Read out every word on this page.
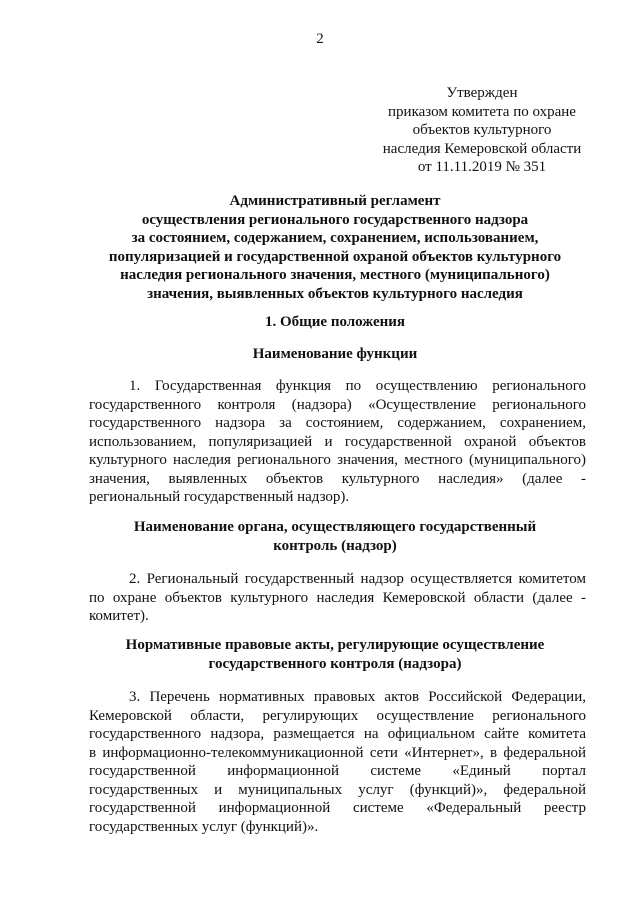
2
Утвержден
приказом комитета по охране
объектов культурного
наследия Кемеровской области
от 11.11.2019 № 351
Административный регламент
осуществления регионального государственного надзора
за состоянием, содержанием, сохранением, использованием,
популяризацией и государственной охраной объектов культурного
наследия регионального значения, местного (муниципального)
значения, выявленных объектов культурного наследия
1. Общие положения
Наименование функции
1. Государственная функция по осуществлению регионального
государственного контроля (надзора) «Осуществление регионального
государственного надзора за состоянием, содержанием, сохранением,
использованием, популяризацией и государственной охраной объектов
культурного наследия регионального значения, местного (муниципального)
значения, выявленных объектов культурного наследия» (далее -
региональный государственный надзор).
Наименование органа, осуществляющего государственный
контроль (надзор)
2. Региональный государственный надзор осуществляется комитетом
по охране объектов культурного наследия Кемеровской области (далее -
комитет).
Нормативные правовые акты, регулирующие осуществление
государственного контроля (надзора)
3. Перечень нормативных правовых актов Российской Федерации,
Кемеровской области, регулирующих осуществление регионального
государственного надзора, размещается на официальном сайте комитета
в информационно-телекоммуникационной сети «Интернет», в федеральной
государственной информационной системе «Единый портал
государственных и муниципальных услуг (функций)», федеральной
государственной информационной системе «Федеральный реестр
государственных услуг (функций)».
